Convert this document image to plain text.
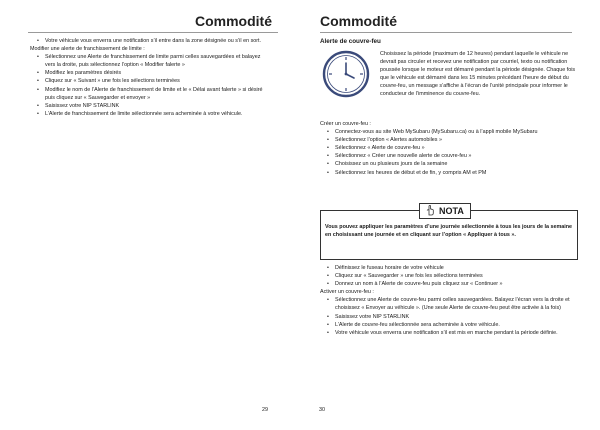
Commodité
• Votre véhicule vous enverra une notification s’il entre dans la zone désignée ou s’il en sort.
Modifier une alerte de franchissement de limite :
• Sélectionnez une Alerte de franchissement de limite parmi celles sauvegardées et balayez vers la droite, puis sélectionnez l’option « Modifier falerte »
• Modifiez les paramètres désirés
• Cliquez sur « Suivant » une fois les sélections terminées
• Modifiez le nom de l’Alerte de franchissement de limite et le « Délai avant falerte » si désiré puis cliquez sur « Sauvegarder et envoyer »
• Saisissez votre NIP STARLINK
• L’Alerte de franchissement de limite sélectionnée sera acheminée à votre véhicule.
29
Commodité
Alerte de couvre-feu
Choisissez la période (maximum de 12 heures) pendant laquelle le véhicule ne devrait pas circuler et recevez une notification par courriel, texto ou notification poussée lorsque le moteur est démarré pendant la période désignée. Chaque fois que le véhicule est démarré dans les 15 minutes précédant l’heure de début du couvre-feu, un message s’affiche à l’écran de l’unité principale pour informer le conducteur de l’imminence du couvre-feu.
Créer un couvre-feu :
• Connectez-vous au site Web MySubaru (MySubaru.ca) ou à l’appli mobile MySubaru
• Sélectionnez l’option « Alertes automobiles »
• Sélectionnez « Alerte de couvre-feu »
• Sélectionnez « Créer une nouvelle alerte de couvre-feu »
• Choisissez un ou plusieurs jours de la semaine
• Sélectionnez les heures de début et de fin, y compris AM et PM
NOTA
Vous pouvez appliquer les paramètres d’une journée sélectionnée à tous les jours de la semaine en choisissant une journée et en cliquant sur l’option « Appliquer à tous ».
• Définissez le fuseau horaire de votre véhicule
• Cliquez sur « Sauvegarder » une fois les sélections terminées
• Donnez un nom à l’Alerte de couvre-feu puis cliquez sur « Continuer »
Activer un couvre-feu :
• Sélectionnez une Alerte de couvre-feu parmi celles sauvegardées. Balayez l’écran vers la droite et choisissez « Envoyer au véhicule ». (Une seule Alerte de couvre-feu peut être activée à la fois)
• Saisissez votre NIP STARLINK
• L’Alerte de couvre-feu sélectionnée sera acheminée à votre véhicule.
• Votre véhicule vous enverra une notification s’il est mis en marche pendant la période définie.
30
